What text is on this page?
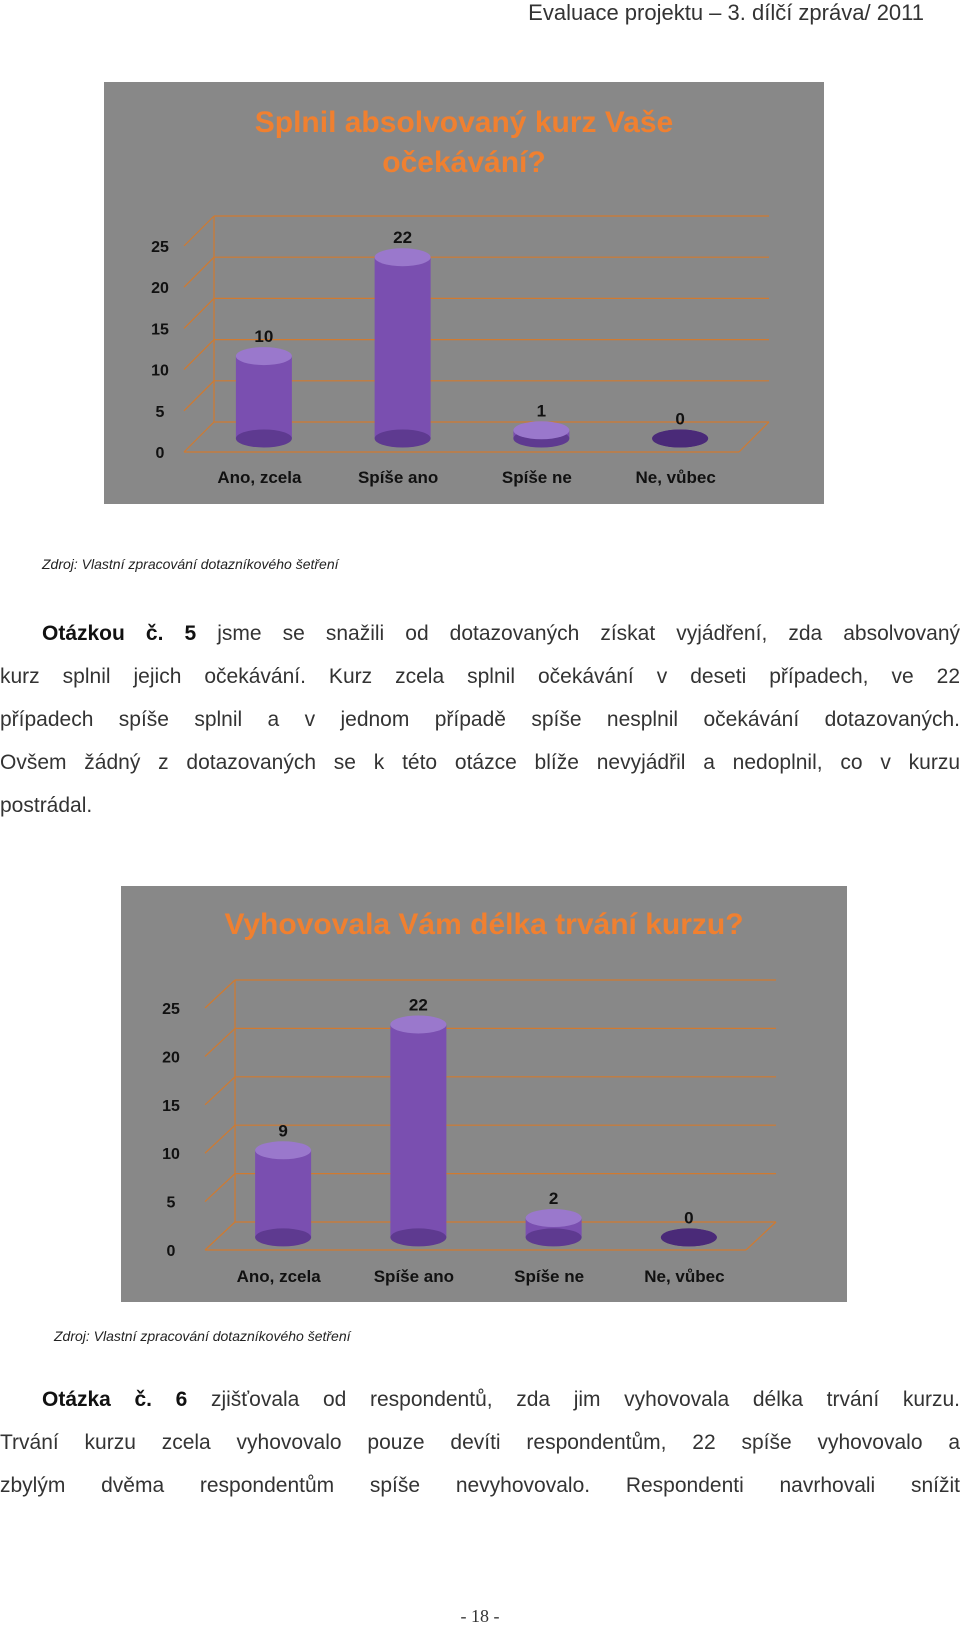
Evaluace projektu – 3. dílčí zpráva/ 2011
Splnil absolvovaný kurz Vaše
očekávání?
0
5
10
15
20
25
10
Ano, zcela
22
Spíše ano
1
Spíše ne
0
Ne, vůbec
Zdroj: Vlastní zpracování dotazníkového šetření

Otázkou č. 5 jsme se snažili od dotazovaných získat vyjádření, zda absolvovaný

kurz splnil jejich očekávání. Kurz zcela splnil očekávání v deseti případech, ve 22

případech spíše splnil a v jednom případě spíše nesplnil očekávání dotazovaných.

Ovšem žádný z dotazovaných se k této otázce blíže nevyjádřil a nedoplnil, co v kurzu

postrádal.

Vyhovovala Vám délka trvání kurzu?
0
5
10
15
20
25
9
Ano, zcela
22
Spíše ano
2
Spíše ne
0
Ne, vůbec
Zdroj: Vlastní zpracování dotazníkového šetření

Otázka č. 6 zjišťovala od respondentů, zda jim vyhovovala délka trvání kurzu.

Trvání kurzu zcela vyhovovalo pouze devíti respondentům, 22 spíše vyhovovalo a

zbylým dvěma respondentům spíše nevyhovovalo. Respondenti navrhovali snížit

- 18 -
